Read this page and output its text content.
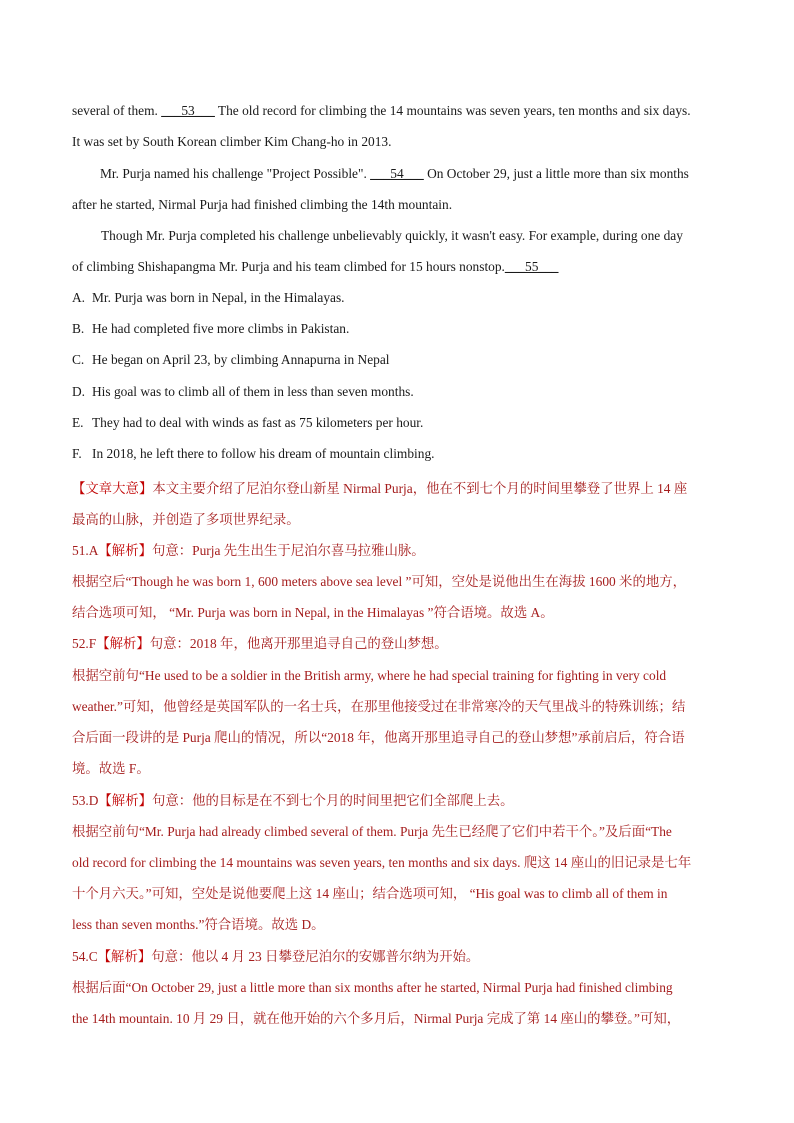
several of them. ___53___ The old record for climbing the 14 mountains was seven years, ten months and six days.
It was set by South Korean climber Kim Chang-ho in 2013.
Mr. Purja named his challenge "Project Possible". ___54___ On October 29, just a little more than six months
after he started, Nirmal Purja had finished climbing the 14th mountain.
Though Mr. Purja completed his challenge unbelievably quickly, it wasn't easy. For example, during one day
of climbing Shishapangma Mr. Purja and his team climbed for 15 hours nonstop.___55___
A. Mr. Purja was born in Nepal, in the Himalayas.
B. He had completed five more climbs in Pakistan.
C. He began on April 23, by climbing Annapurna in Nepal
D. His goal was to climb all of them in less than seven months.
E. They had to deal with winds as fast as 75 kilometers per hour.
F. In 2018, he left there to follow his dream of mountain climbing.
【文章大意】本文主要介绍了尼泊尔登山新星 Nirmal Purja，他在不到七个月的时间里攀登了世界上 14 座
最高的山脉，并创造了多项世界纪录。
51.A【解析】句意：Purja 先生出生于尼泊尔喜马拉雅山脉。
根据空后“Though he was born 1, 600 meters above sea level ”可知，空处是说他出生在海拔 1600 米的地方，
结合选项可知， “Mr. Purja was born in Nepal, in the Himalayas ”符合语境。故选 A。
52.F【解析】句意：2018 年，他离开那里追寻自己的登山梦想。
根据空前句“He used to be a soldier in the British army, where he had special training for fighting in very cold
weather.”可知，他曾经是英国军队的一名士兵，在那里他接受过在非常寒冷的天气里战斗的特殊训练；结
合后面一段讲的是 Purja 爬山的情况，所以“2018 年，他离开那里追寻自己的登山梦想”承前启后，符合语
境。故选 F。
53.D【解析】句意：他的目标是在不到七个月的时间里把它们全部爬上去。
根据空前句“Mr. Purja had already climbed several of them. Purja 先生已经爬了它们中若干个。”及后面“The
old record for climbing the 14 mountains was seven years, ten months and six days. 爬这 14 座山的旧记录是七年
十个月六天。”可知，空处是说他要爬上这 14 座山；结合选项可知， “His goal was to climb all of them in
less than seven months.”符合语境。故选 D。
54.C【解析】句意：他以 4 月 23 日攀登尼泊尔的安娜普尔纳为开始。
根据后面“On October 29, just a little more than six months after he started, Nirmal Purja had finished climbing
the 14th mountain. 10 月 29 日，就在他开始的六个多月后，Nirmal Purja 完成了第 14 座山的攀登。”可知，
